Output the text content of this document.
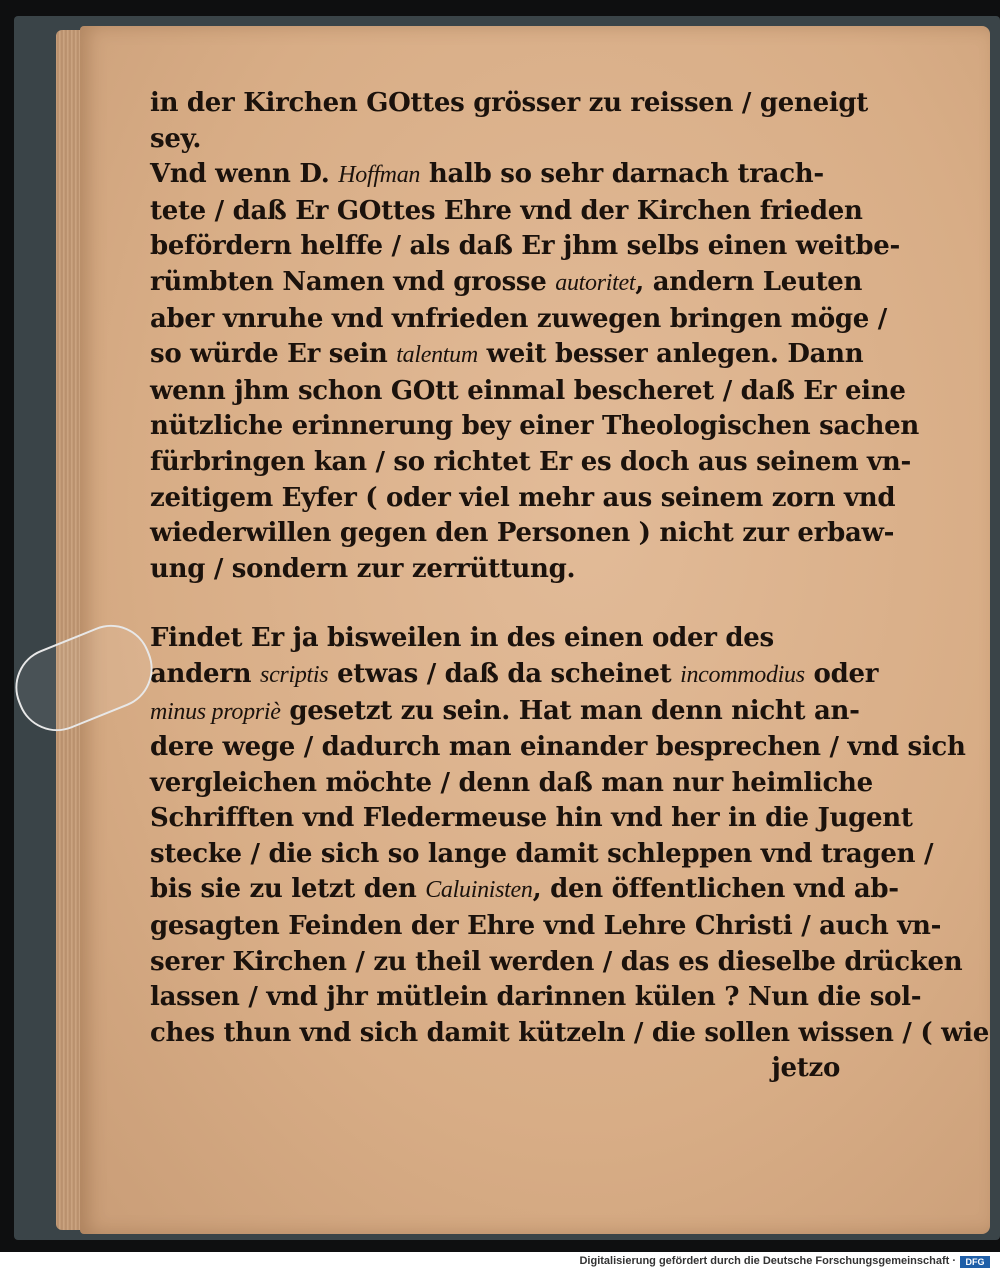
in der Kirchen GOttes grösser zu reissen / geneigt
sey.
Vnd wenn D. Hoffman halb so sehr darnach trach-
tete / daß Er GOttes Ehre vnd der Kirchen frieden
befördern helffe / als daß Er jhm selbs einen weitbe-
rümbten Namen vnd grosse autoritet, andern Leuten
aber vnruhe vnd vnfrieden zuwegen bringen möge /
so würde Er sein talentum weit besser anlegen. Dann
wenn jhm schon GOtt einmal bescheret / daß Er eine
nützliche erinnerung bey einer Theologischen sachen
fürbringen kan / so richtet Er es doch aus seinem vn-
zeitigem Eyfer ( oder viel mehr aus seinem zorn vnd
wiederwillen gegen den Personen ) nicht zur erbaw-
ung / sondern zur zerrüttung.
Findet Er ja bisweilen in des einen oder des
andern scriptis etwas / daß da scheinet incommodius oder
minus propriè gesetzt zu sein. Hat man denn nicht an-
dere wege / dadurch man einander besprechen / vnd sich
vergleichen möchte / denn daß man nur heimliche
Schrifften vnd Fledermeuse hin vnd her in die Jugent
stecke / die sich so lange damit schleppen vnd tragen /
bis sie zu letzt den Caluinisten, den öffentlichen vnd ab-
gesagten Feinden der Ehre vnd Lehre Christi / auch vn-
serer Kirchen / zu theil werden / das es dieselbe drücken
lassen / vnd jhr mütlein darinnen külen ? Nun die sol-
ches thun vnd sich damit kützeln / die sollen wissen / ( wie
jetzo
Digitalisierung gefördert durch die Deutsche Forschungsgemeinschaft ·	DFG
